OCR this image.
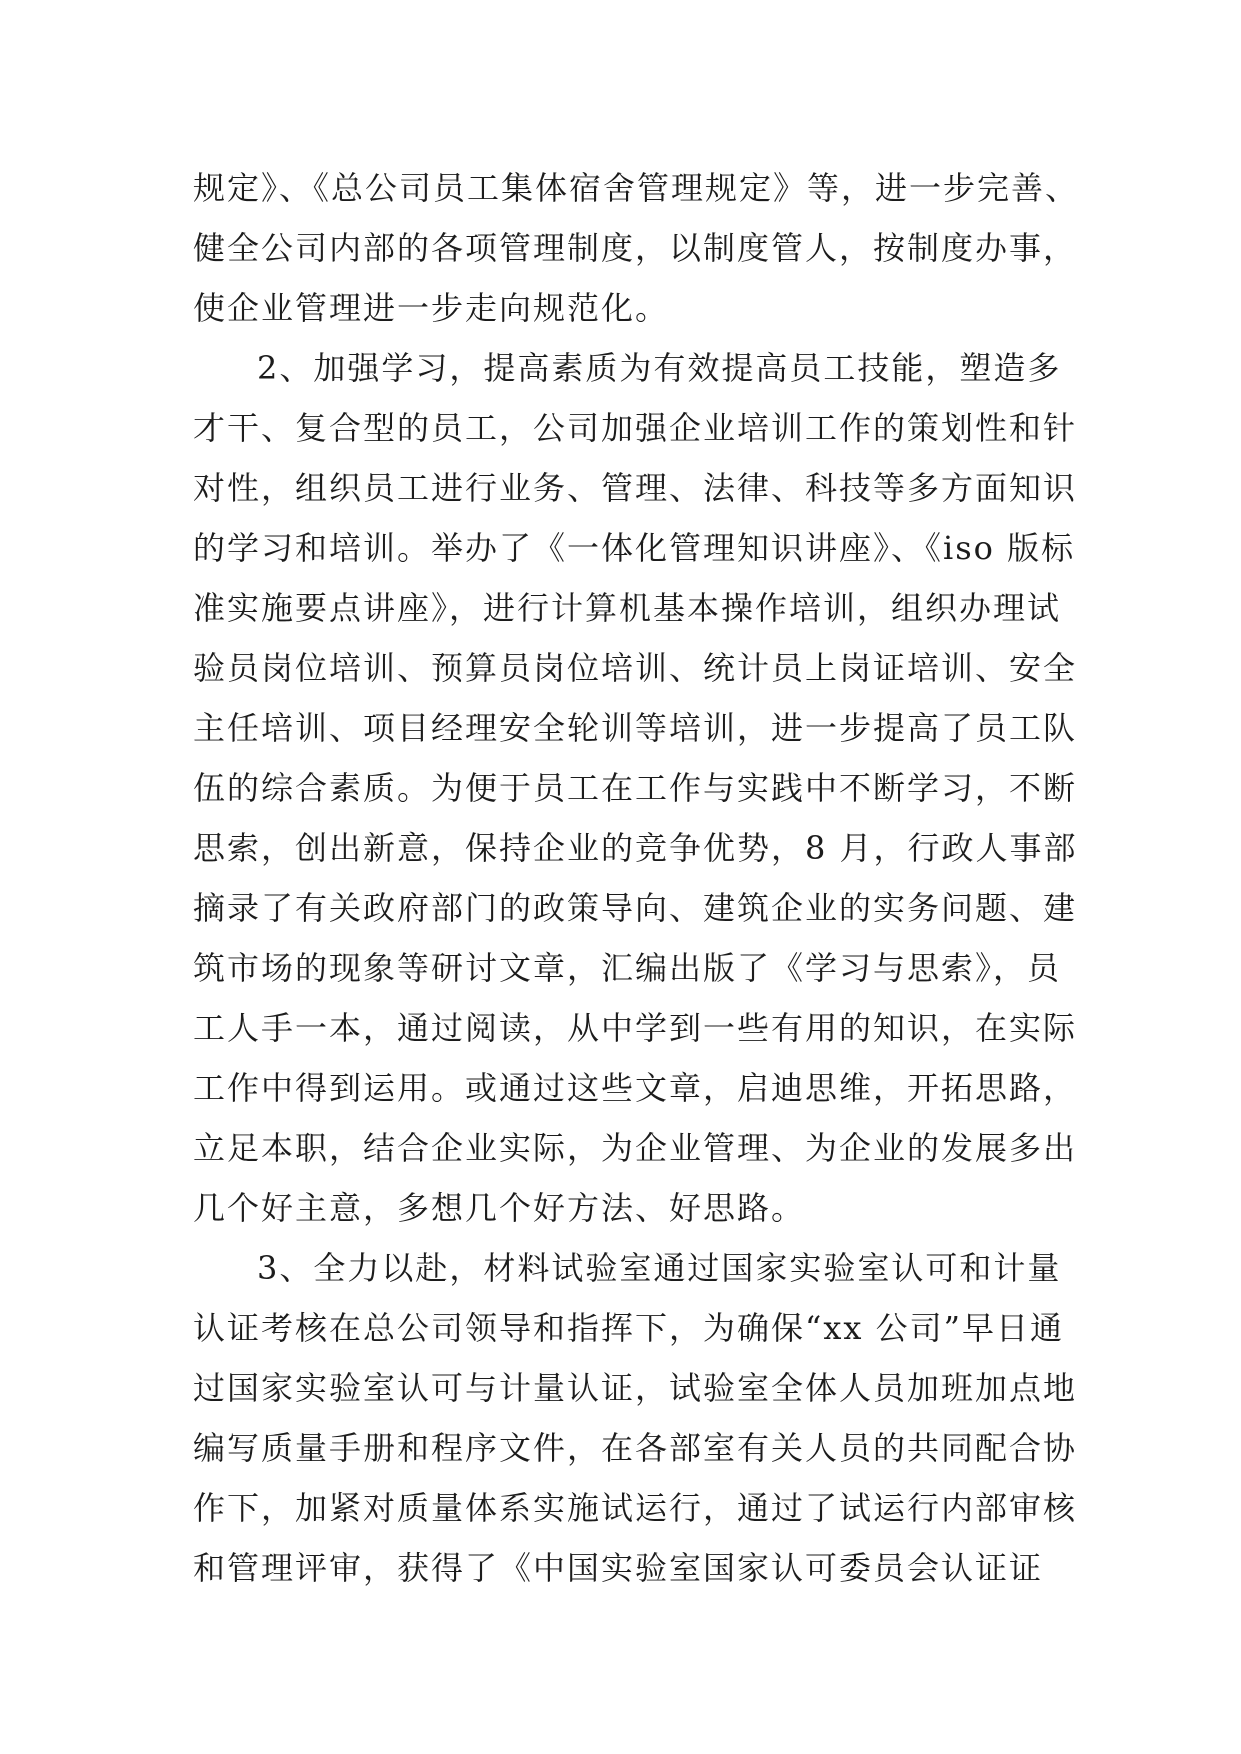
规定》、《总公司员工集体宿舍管理规定》等，进一步完善、
健全公司内部的各项管理制度，以制度管人，按制度办事，
使企业管理进一步走向规范化。
2、加强学习，提高素质为有效提高员工技能，塑造多
才干、复合型的员工，公司加强企业培训工作的策划性和针
对性，组织员工进行业务、管理、法律、科技等多方面知识
的学习和培训。举办了《一体化管理知识讲座》、《iso 版标
准实施要点讲座》，进行计算机基本操作培训，组织办理试
验员岗位培训、预算员岗位培训、统计员上岗证培训、安全
主任培训、项目经理安全轮训等培训，进一步提高了员工队
伍的综合素质。为便于员工在工作与实践中不断学习，不断
思索，创出新意，保持企业的竞争优势，8 月，行政人事部
摘录了有关政府部门的政策导向、建筑企业的实务问题、建
筑市场的现象等研讨文章，汇编出版了《学习与思索》，员
工人手一本，通过阅读，从中学到一些有用的知识，在实际
工作中得到运用。或通过这些文章，启迪思维，开拓思路，
立足本职，结合企业实际，为企业管理、为企业的发展多出
几个好主意，多想几个好方法、好思路。
3、全力以赴，材料试验室通过国家实验室认可和计量
认证考核在总公司领导和指挥下，为确保“xx 公司”早日通
过国家实验室认可与计量认证，试验室全体人员加班加点地
编写质量手册和程序文件，在各部室有关人员的共同配合协
作下，加紧对质量体系实施试运行，通过了试运行内部审核
和管理评审，获得了《中国实验室国家认可委员会认证证
